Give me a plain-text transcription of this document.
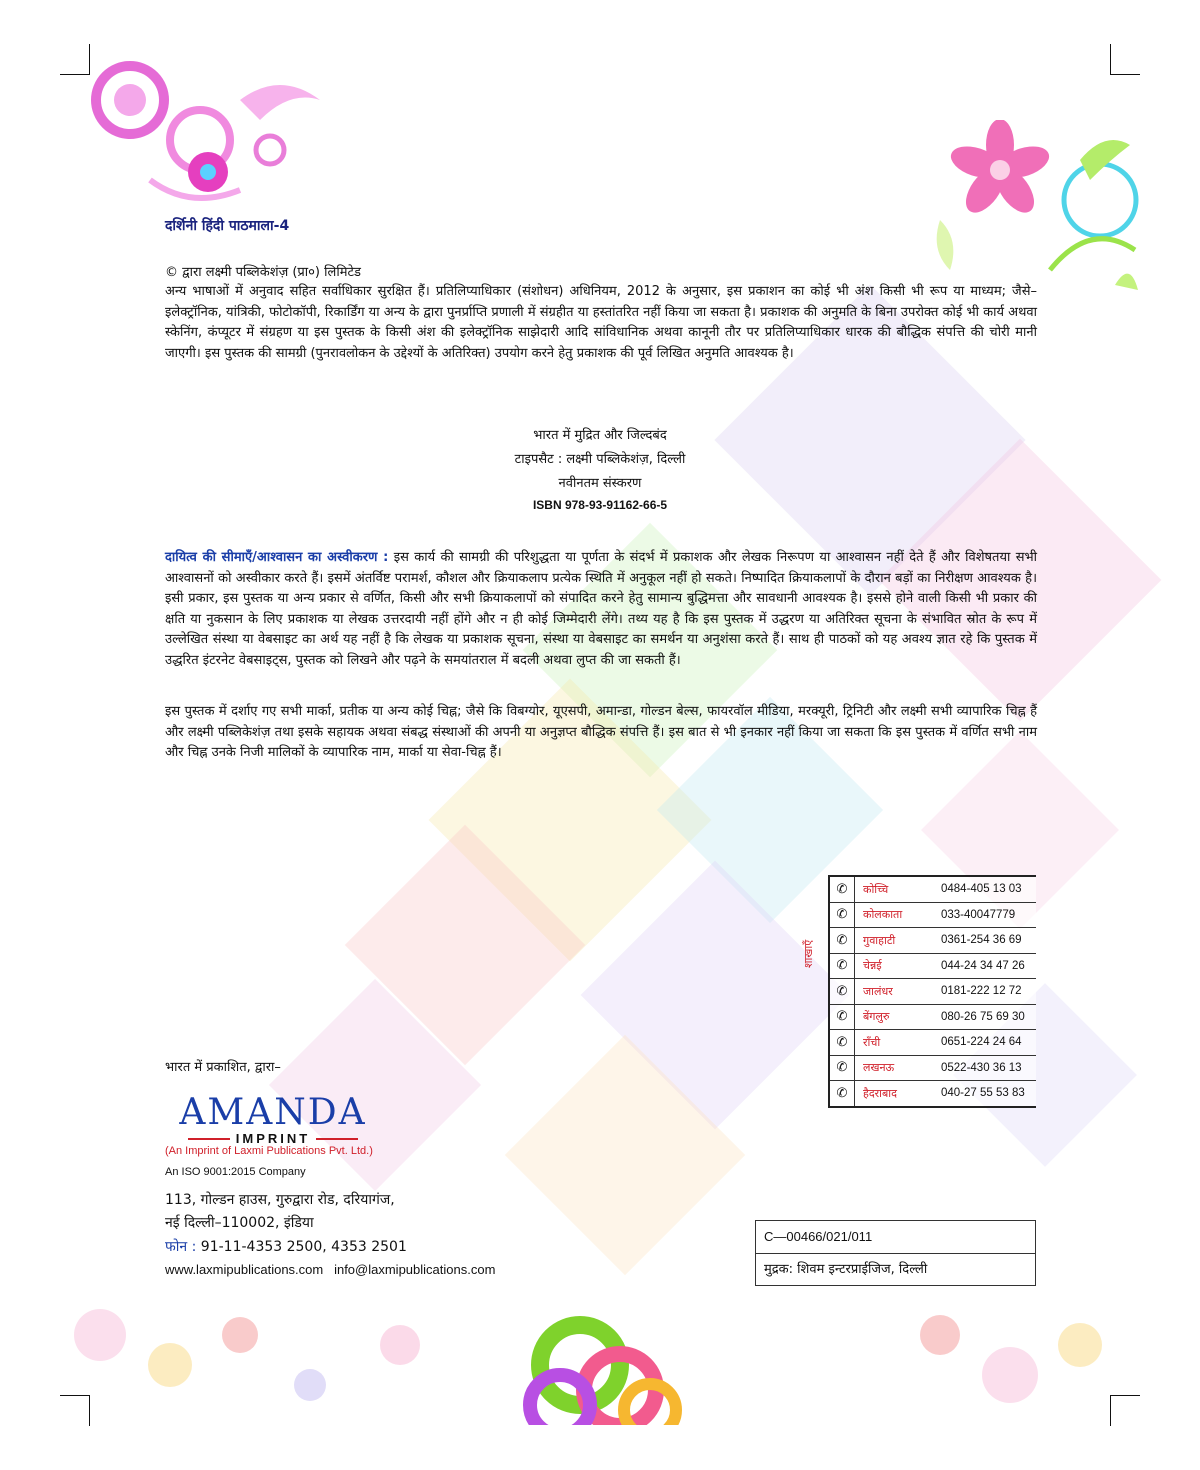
दर्शिनी हिंदी पाठमाला-4
© द्वारा लक्ष्मी पब्लिकेशंज़ (प्रा०) लिमिटेड
अन्य भाषाओं में अनुवाद सहित सर्वाधिकार सुरक्षित हैं। प्रतिलिप्याधिकार (संशोधन) अधिनियम, 2012 के अनुसार, इस प्रकाशन का कोई भी अंश किसी भी रूप या माध्यम; जैसे–इलेक्ट्रॉनिक, यांत्रिकी, फोटोकॉपी, रिकार्डिंग या अन्य के द्वारा पुनर्प्राप्ति प्रणाली में संग्रहीत या हस्तांतरित नहीं किया जा सकता है। प्रकाशक की अनुमति के बिना उपरोक्त कोई भी कार्य अथवा स्केनिंग, कंप्यूटर में संग्रहण या इस पुस्तक के किसी अंश की इलेक्ट्रॉनिक साझेदारी आदि सांविधानिक अथवा कानूनी तौर पर प्रतिलिप्याधिकार धारक की बौद्धिक संपत्ति की चोरी मानी जाएगी। इस पुस्तक की सामग्री (पुनरावलोकन के उद्देश्यों के अतिरिक्त) उपयोग करने हेतु प्रकाशक की पूर्व लिखित अनुमति आवश्यक है।
भारत में मुद्रित और जिल्दबंद
टाइपसैट : लक्ष्मी पब्लिकेशंज़, दिल्ली
नवीनतम संस्करण
ISBN 978-93-91162-66-5
दायित्व की सीमाएँ/आश्वासन का अस्वीकरण : इस कार्य की सामग्री की परिशुद्धता या पूर्णता के संदर्भ में प्रकाशक और लेखक निरूपण या आश्वासन नहीं देते हैं और विशेषतया सभी आश्वासनों को अस्वीकार करते हैं। इसमें अंतर्विष्ट परामर्श, कौशल और क्रियाकलाप प्रत्येक स्थिति में अनुकूल नहीं हो सकते। निष्पादित क्रियाकलापों के दौरान बड़ों का निरीक्षण आवश्यक है। इसी प्रकार, इस पुस्तक या अन्य प्रकार से वर्णित, किसी और सभी क्रियाकलापों को संपादित करने हेतु सामान्य बुद्धिमत्ता और सावधानी आवश्यक है। इससे होने वाली किसी भी प्रकार की क्षति या नुकसान के लिए प्रकाशक या लेखक उत्तरदायी नहीं होंगे और न ही कोई जिम्मेदारी लेंगे। तथ्य यह है कि इस पुस्तक में उद्धरण या अतिरिक्त सूचना के संभावित स्रोत के रूप में उल्लेखित संस्था या वेबसाइट का अर्थ यह नहीं है कि लेखक या प्रकाशक सूचना, संस्था या वेबसाइट का समर्थन या अनुशंसा करते हैं। साथ ही पाठकों को यह अवश्य ज्ञात रहे कि पुस्तक में उद्धरित इंटरनेट वेबसाइट्स, पुस्तक को लिखने और पढ़ने के समयांतराल में बदली अथवा लुप्त की जा सकती हैं।
इस पुस्तक में दर्शाए गए सभी मार्का, प्रतीक या अन्य कोई चिह्न; जैसे कि विबग्योर, यूएसपी, अमान्डा, गोल्डन बेल्स, फायरवॉल मीडिया, मरक्यूरी, ट्रिनिटी और लक्ष्मी सभी व्यापारिक चिह्न हैं और लक्ष्मी पब्लिकेशंज़ तथा इसके सहायक अथवा संबद्ध संस्थाओं की अपनी या अनुज्ञप्त बौद्धिक संपत्ति हैं। इस बात से भी इनकार नहीं किया जा सकता कि इस पुस्तक में वर्णित सभी नाम और चिह्न उनके निजी मालिकों के व्यापारिक नाम, मार्का या सेवा-चिह्न हैं।
शाखाएँ
✆	कोच्चि	0484-405 13 03
✆	कोलकाता	033-40047779
✆	गुवाहाटी	0361-254 36 69
✆	चेन्नई	044-24 34 47 26
✆	जालंधर	0181-222 12 72
✆	बेंगलुरु	080-26 75 69 30
✆	राँची	0651-224 24 64
✆	लखनऊ	0522-430 36 13
✆	हैदराबाद	040-27 55 53 83
भारत में प्रकाशित, द्वारा–
AMANDA
IMPRINT
(An Imprint of Laxmi Publications Pvt. Ltd.)
An ISO 9001:2015 Company
113, गोल्डन हाउस, गुरुद्वारा रोड, दरियागंज,
नई दिल्ली–110002, इंडिया
फोन : 91-11-4353 2500, 4353 2501
www.laxmipublications.com info@laxmipublications.com
C—00466/021/011
मुद्रक: शिवम इन्टरप्राईजिज, दिल्ली
